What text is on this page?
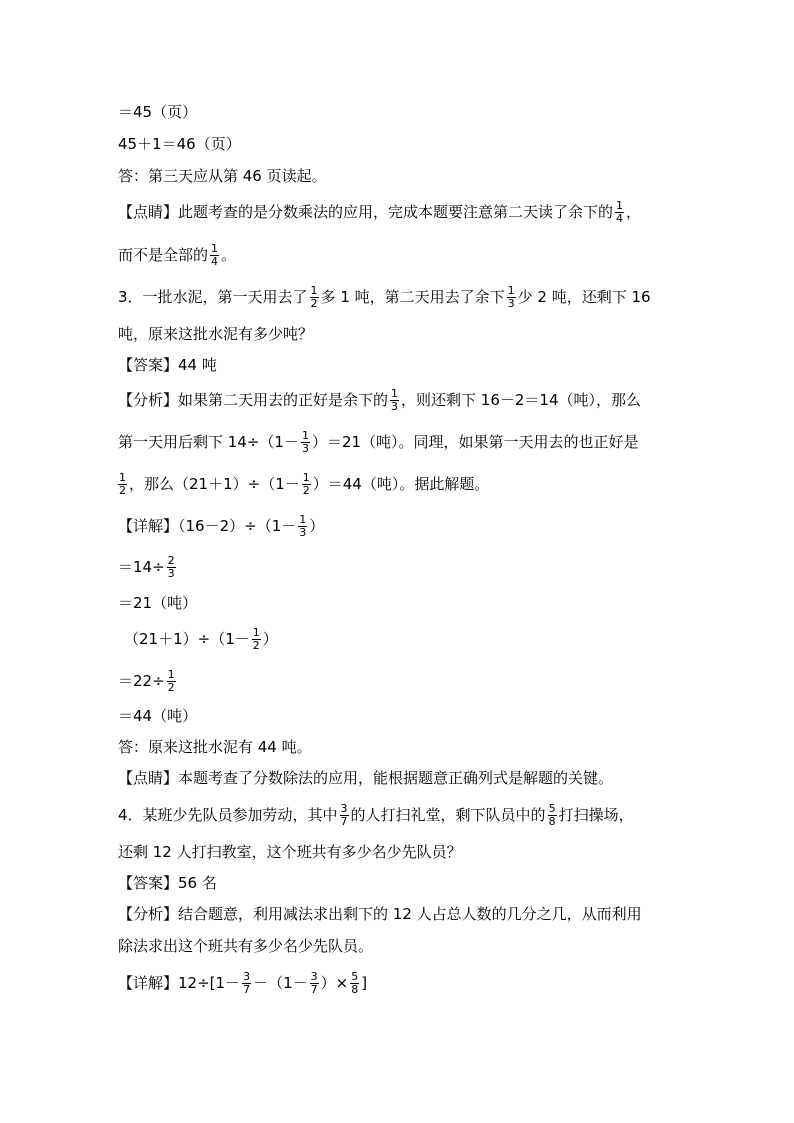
＝45（页）
45＋1＝46（页）
答：第三天应从第 46 页读起。
【点睛】此题考查的是分数乘法的应用，完成本题要注意第二天读了余下的 $\frac{1}{4}$ ，
而不是全部的 $\frac{1}{4}$ 。
3．一批水泥，第一天用去了 $\frac{1}{2}$ 多 1 吨，第二天用去了余下 $\frac{1}{3}$ 少 2 吨，还剩下 16
吨，原来这批水泥有多少吨？
【答案】44 吨
【分析】如果第二天用去的正好是余下的 $\frac{1}{3}$ ，则还剩下 16－2＝14（吨），那么
第一天用后剩下 $14\div(1- \frac{1}{3} )=21$（吨）。同理，如果第一天用去的也正好是
$\frac{1}{2}$ ，那么$(21+1)\div(1- \frac{1}{2} )=44$（吨）。据此解题。
【详解】$(16-2)\div(1- \frac{1}{3}$ ）
$=14\div \frac{2}{3}$
＝21（吨）
$(21+1)\div(1- \frac{1}{2}$ ）
$=22\div \frac{1}{2}$
＝44（吨）
答：原来这批水泥有 44 吨。
【点睛】本题考查了分数除法的应用，能根据题意正确列式是解题的关键。
4．某班少先队员参加劳动，其中 $\frac{3}{7}$ 的人打扫礼堂，剩下队员中的 $\frac{5}{8}$ 打扫操场，
还剩 12 人打扫教室，这个班共有多少名少先队员？
【答案】56 名
【分析】结合题意，利用减法求出剩下的 12 人占总人数的几分之几，从而利用
除法求出这个班共有多少名少先队员。
【详解】$12\div[1- \frac{3}{7} -(1- \frac{3}{7}$ ）× $\frac{5}{8}$ ]
